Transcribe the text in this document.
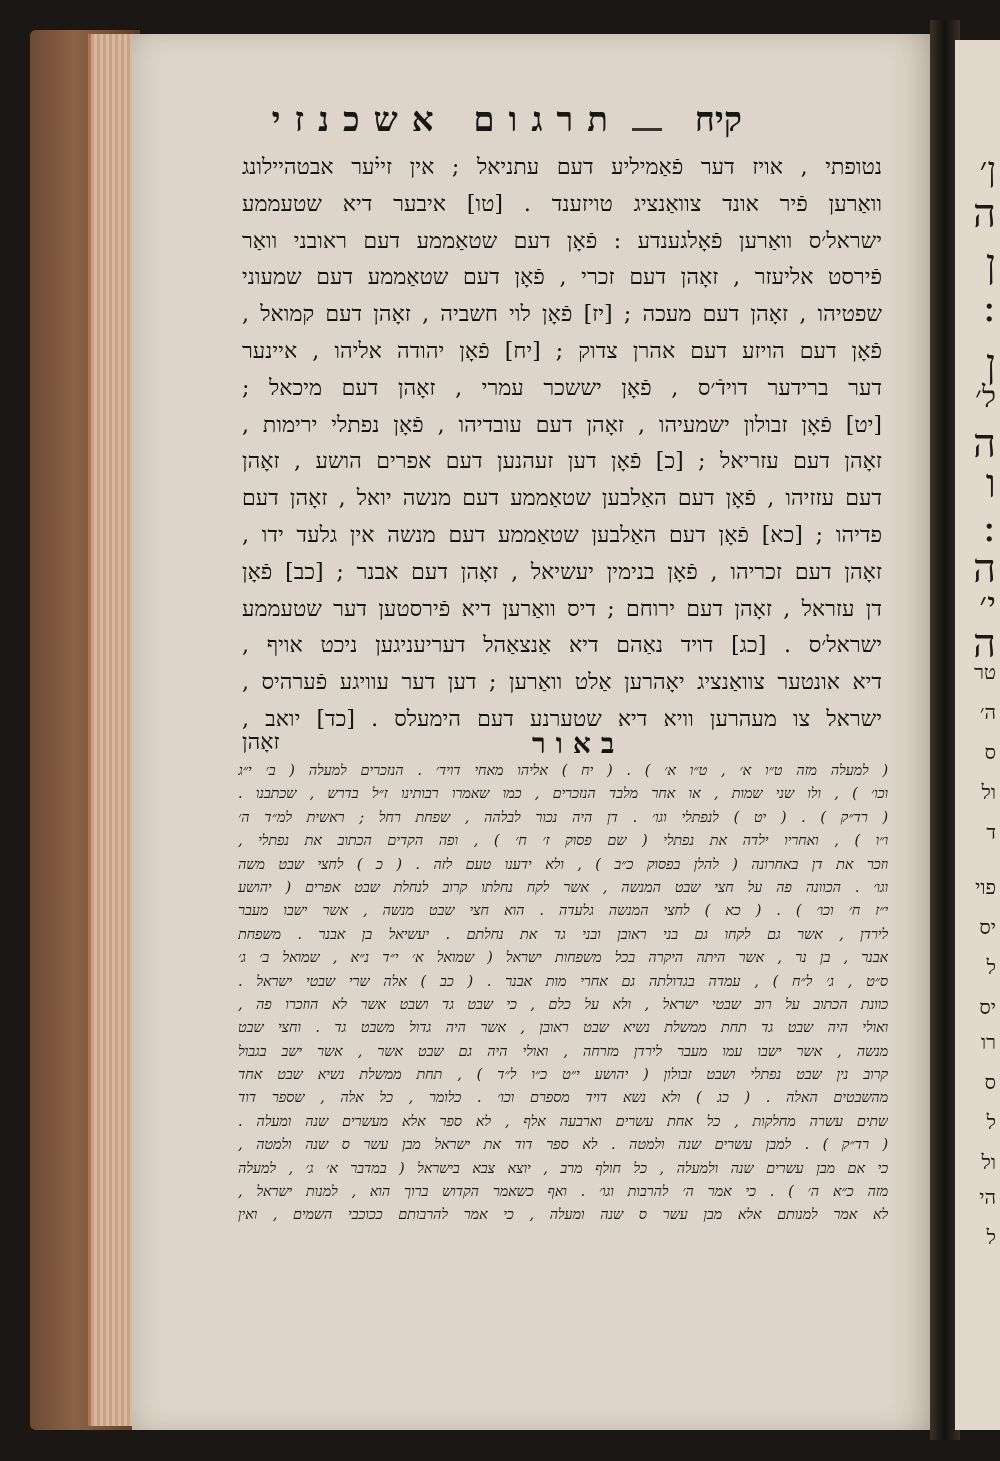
ן׳
ה
ן
:
ן
ל׳
ה
ו
:
ה
י׳
ה
טר
ה׳
ס
ול
ד
פוי
יס
ל
יס
רו
ס
ל
ול
הי
ל
קיח
תרגום אשכנזי
נטופתי , אויז דער פֿאַמיליע דעם עתניאל ; אין זיי֗ער אבטהיילונג
וואַרען פֿיר אונד צוואַנציג טויזענד . [טו] איבער דיא שטעממע
ישראל׳ס וואַרען פֿאָלגענדע : פֿאָן דעם שטאַממע דעם ראובני וואַר
פֿירסט אליעזר , זאָהן דעם זכרי , פֿאָן דעם שטאַממע דעם שמעוני
שפטיהו , זאָהן דעם מעכה ; [יז] פֿאָן לוי חשביה , זאָהן דעם קמואל ,
פֿאָן דעם הויזע דעם אהרן צדוק ; [יח] פֿאָן יהודה אליהו , איינער
דער ברידער דוידֿ׳ס , פֿאָן יששכר עמרי , זאָהן דעם מיכאל ;
[יט] פֿאָן זבולון ישמעיהו , זאָהן דעם עובדיהו , פֿאָן נפתלי ירימות ,
זאָהן דעם עזריאל ; [כ] פֿאָן דען זעהנען דעם אפרים הושע , זאָהן
דעם עזזיהו , פֿאָן דעם האַלבען שטאַממע דעם מנשה יואל , זאָהן דעם
פדיהו ; [כא] פֿאָן דעם האַלבען שטאַממע דעם מנשה אין גלעד ידו ,
זאָהן דעם זכריהו , פֿאָן בנימין יעשיאל , זאָהן דעם אבנר ; [כב] פֿאָן
דן עזראל , זאָהן דעם ירוחם ; דיס וואַרען דיא פֿירסטען דער שטעממע
ישראל׳ס . [כג] דויד נאַהם דיא אַנצאַהל דעריעניגען ניכט אויף ,
דיא אונטער צוואַנציג יאָהרען אַלט וואַרען ; דען דער עוויגע פֿערהיס ,
ישראל צו מעהרען וויא דיא שטערנע דעם הימעלס . [כד] יואב ,
באור
זאָהן
( למעלה מזה ט״ו א׳ , ט״ו א׳ ) . ( יח ) אליהו מאחי דויד׳ . הנזכרים למעלה ( ב׳ י״ג
וכו׳ ) , ולו שני שמות , או אחר מלבד הנזכרים , כמו שאמרו רבותינו ז״ל בדרש , שכתבנו .
( רד״ק ) . ( יט ) לנפתלי וגו׳ . דן היה נכור לבלהה , שפחת רחל ; ראשית למ״ד ה׳
ו״ו ) , ואחריו ילדה את נפתלי ( שם פסוק ז׳ ח׳ ) , ופה הקדים הכתוב את נפתלי ,
וזכר את דן באחרונה ( להלן בפסוק כ״ב ) , ולא ידענו טעם לזה . ( כ ) לחצי שבט משה
וגו׳ . הכוונה פה על חצי שבט המנשה , אשר לקח נחלתו קרוב לנחלת שבט אפרים ( יהושע
י״ז ח׳ וכו׳ ) . ( כא ) לחצי המנשה גלעדה . הוא חצי שבט מנשה , אשר ישבו מעבר
לירדן , אשר גם לקחו גם בני ראובן ובני גד את נחלתם . יעשיאל בן אבנר . משפחת
אבנר , בן נר , אשר היתה היקרה בכל משפחות ישראל ( שמואל א׳ י״ד נ״א , שמואל ב׳ ג׳
ס״ט , ג׳ ל״ח ) , עמדה בגדולתה גם אחרי מות אבנר . ( כב ) אלה שרי שבטי ישראל .
כוונת הכתוב על רוב שבטי ישראל , ולא על כלם , כי שבט גד ושבט אשר לא הוזכרו פה ,
ואולי היה שבט גד תחת ממשלת נשיא שבט ראובן , אשר היה גדול משבט גד . וחצי שבט
מנשה , אשר ישבו עמו מעבר לירדן מזרחה , ואולי היה גם שבט אשר , אשר ישב בגבול
קרוב נין שבט נפתלי ושבט זבולון ( יהושע י״ט כ״ו ל״ד ) , תחת ממשלת נשיא שבט אחד
מהשבטים האלה . ( כג ) ולא נשא דויד מספרם וכו׳ . כלומר , כל אלה , שספר דוד
שתים עשרה מחלקות , כל אחת עשרים וארבעה אלף , לא ספר אלא מעשרים שנה ומעלה .
( רד״ק ) . למבן עשרים שנה ולמטה . לא ספר דוד את ישראל מבן עשר ס שנה ולמטה ,
כי אם מבן עשרים שנה ולמעלה , כל חולף מרב , יוצא צבא בישראל ( במדבר א׳ ג׳ , למעלה
מזה כ״א ה׳ ) . כי אמר ה׳ להרבות וגו׳ . ואף כשאמר הקדוש ברוך הוא , למנות ישראל ,
לא אמר למנותם אלא מבן עשר ס שנה ומעלה , כי אמר להרבותם ככוכבי השמים , ואין
